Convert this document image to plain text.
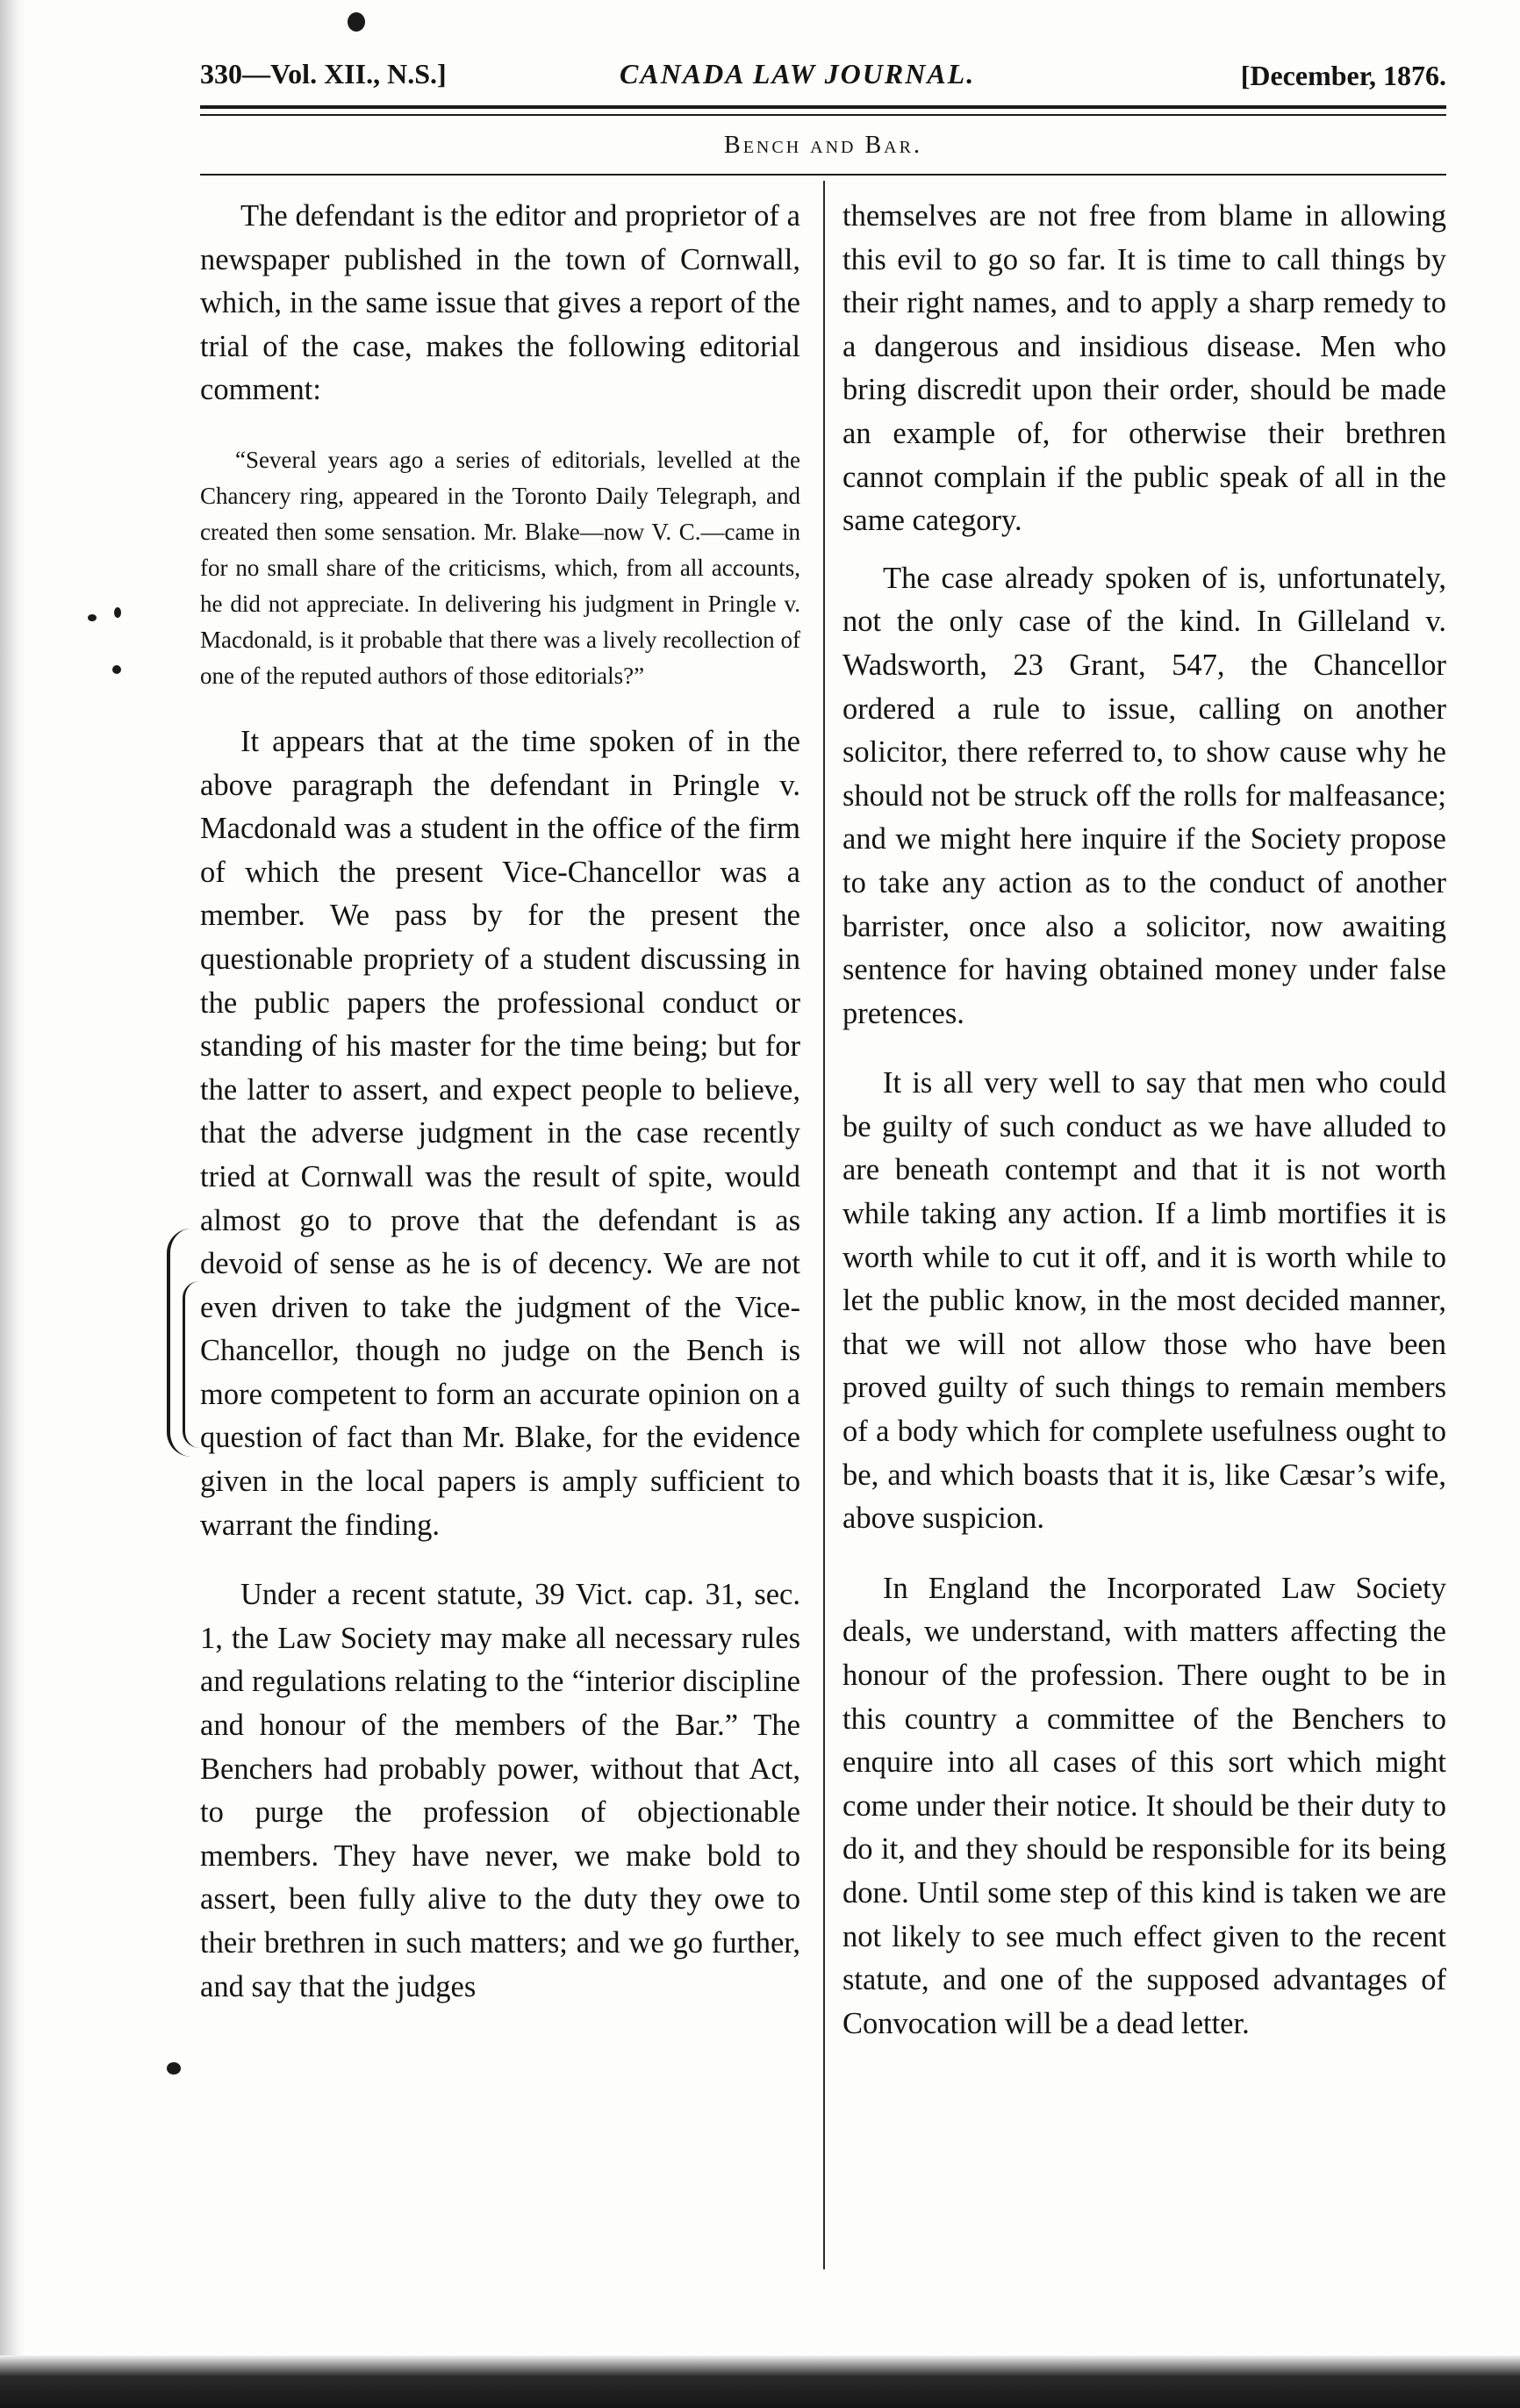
330—Vol. XII., N.S.]	CANADA LAW JOURNAL.	[December, 1876.
Bench and Bar.

The defendant is the editor and proprietor of a newspaper published in the town of Cornwall, which, in the same issue that gives a report of the trial of the case, makes the following editorial comment:

“Several years ago a series of editorials, levelled at the Chancery ring, appeared in the Toronto Daily Telegraph, and created then some sensation. Mr. Blake—now V. C.—came in for no small share of the criticisms, which, from all accounts, he did not appreciate. In delivering his judgment in Pringle v. Macdonald, is it probable that there was a lively recollection of one of the reputed authors of those editorials?”

It appears that at the time spoken of in the above paragraph the defendant in Pringle v. Macdonald was a student in the office of the firm of which the present Vice-Chancellor was a member. We pass by for the present the questionable propriety of a student discussing in the public papers the professional conduct or standing of his master for the time being; but for the latter to assert, and expect people to believe, that the adverse judgment in the case recently tried at Cornwall was the result of spite, would almost go to prove that the defendant is as devoid of sense as he is of decency. We are not even driven to take the judgment of the Vice-Chancellor, though no judge on the Bench is more competent to form an accurate opinion on a question of fact than Mr. Blake, for the evidence given in the local papers is amply sufficient to warrant the finding.

Under a recent statute, 39 Vict. cap. 31, sec. 1, the Law Society may make all necessary rules and regulations relating to the “interior discipline and honour of the members of the Bar.” The Benchers had probably power, without that Act, to purge the profession of objectionable members. They have never, we make bold to assert, been fully alive to the duty they owe to their brethren in such matters; and we go further, and say that the judges

themselves are not free from blame in allowing this evil to go so far. It is time to call things by their right names, and to apply a sharp remedy to a dangerous and insidious disease. Men who bring discredit upon their order, should be made an example of, for otherwise their brethren cannot complain if the public speak of all in the same category.

The case already spoken of is, unfortunately, not the only case of the kind. In Gilleland v. Wadsworth, 23 Grant, 547, the Chancellor ordered a rule to issue, calling on another solicitor, there referred to, to show cause why he should not be struck off the rolls for malfeasance; and we might here inquire if the Society propose to take any action as to the conduct of another barrister, once also a solicitor, now awaiting sentence for having obtained money under false pretences.

It is all very well to say that men who could be guilty of such conduct as we have alluded to are beneath contempt and that it is not worth while taking any action. If a limb mortifies it is worth while to cut it off, and it is worth while to let the public know, in the most decided manner, that we will not allow those who have been proved guilty of such things to remain members of a body which for complete usefulness ought to be, and which boasts that it is, like Cæsar’s wife, above suspicion.

In England the Incorporated Law Society deals, we understand, with matters affecting the honour of the profession. There ought to be in this country a committee of the Benchers to enquire into all cases of this sort which might come under their notice. It should be their duty to do it, and they should be responsible for its being done. Until some step of this kind is taken we are not likely to see much effect given to the recent statute, and one of the supposed advantages of Convocation will be a dead letter.
